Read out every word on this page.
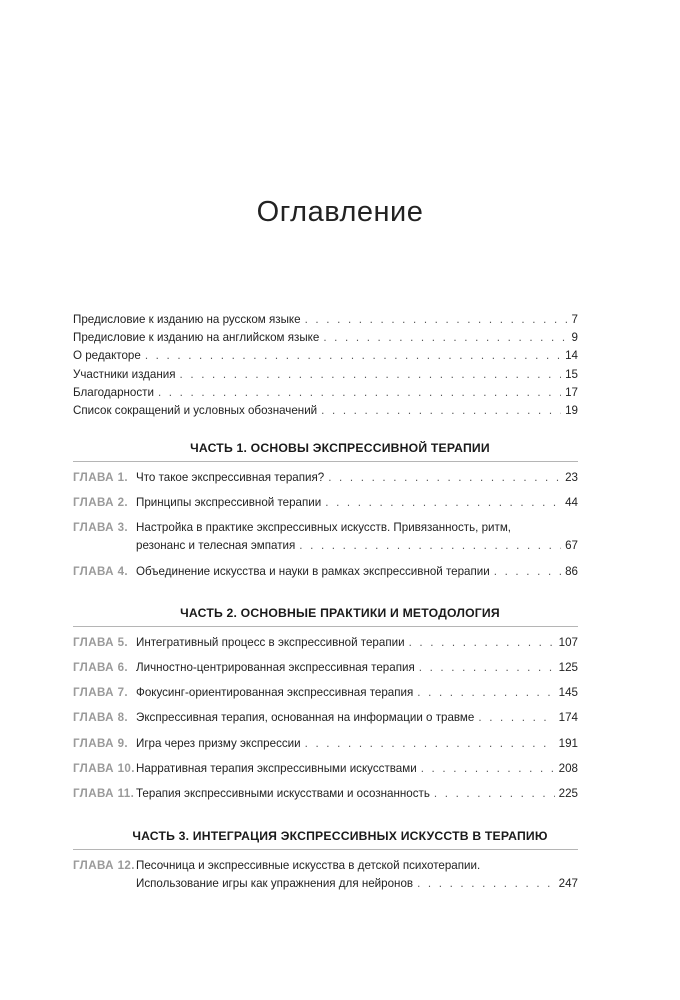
Оглавление
Предисловие к изданию на русском языке . . .	7
Предисловие к изданию на английском языке . . .	9
О редакторе . . .	14
Участники издания . . .	15
Благодарности . . .	17
Список сокращений и условных обозначений . . .	19
ЧАСТЬ 1. ОСНОВЫ ЭКСПРЕССИВНОЙ ТЕРАПИИ
ГЛАВА 1. Что такое экспрессивная терапия? . . .	23
ГЛАВА 2. Принципы экспрессивной терапии . . .	44
ГЛАВА 3. Настройка в практике экспрессивных искусств. Привязанность, ритм,
резонанс и телесная эмпатия . . .	67
ГЛАВА 4. Объединение искусства и науки в рамках экспрессивной терапии . . .	86
ЧАСТЬ 2. ОСНОВНЫЕ ПРАКТИКИ И МЕТОДОЛОГИЯ
ГЛАВА 5. Интегративный процесс в экспрессивной терапии . . .	107
ГЛАВА 6. Личностно-центрированная экспрессивная терапия . . .	125
ГЛАВА 7. Фокусинг-ориентированная экспрессивная терапия . . .	145
ГЛАВА 8. Экспрессивная терапия, основанная на информации о травме . . .	174
ГЛАВА 9. Игра через призму экспрессии . . .	191
ГЛАВА 10. Нарративная терапия экспрессивными искусствами . . .	208
ГЛАВА 11. Терапия экспрессивными искусствами и осознанность . . .	225
ЧАСТЬ 3. ИНТЕГРАЦИЯ ЭКСПРЕССИВНЫХ ИСКУССТВ В ТЕРАПИЮ
ГЛАВА 12. Песочница и экспрессивные искусства в детской психотерапии.
Использование игры как упражнения для нейронов . . .	247
